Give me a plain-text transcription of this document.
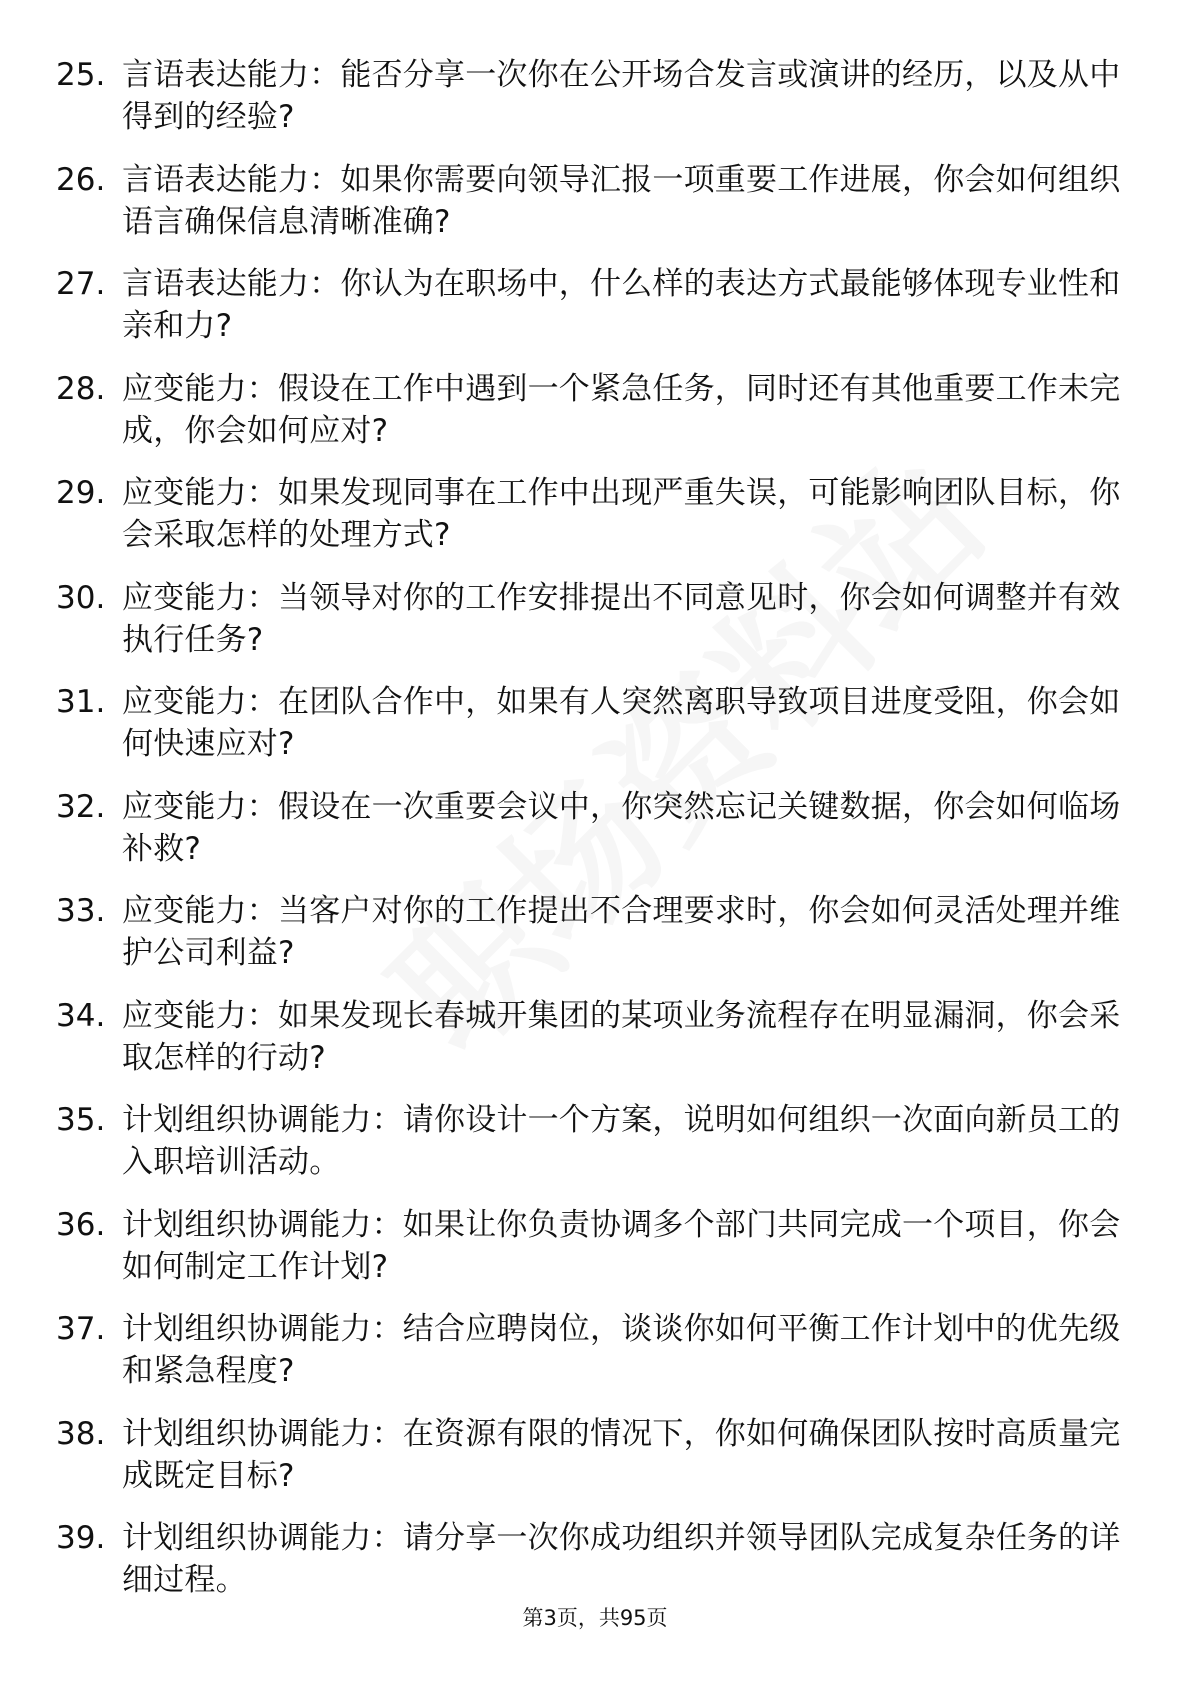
25. 言语表达能力：能否分享一次你在公开场合发言或演讲的经历，以及从中得到的经验?
26. 言语表达能力：如果你需要向领导汇报一项重要工作进展，你会如何组织语言确保信息清晰准确?
27. 言语表达能力：你认为在职场中，什么样的表达方式最能够体现专业性和亲和力?
28. 应变能力：假设在工作中遇到一个紧急任务，同时还有其他重要工作未完成，你会如何应对?
29. 应变能力：如果发现同事在工作中出现严重失误，可能影响团队目标，你会采取怎样的处理方式?
30. 应变能力：当领导对你的工作安排提出不同意见时，你会如何调整并有效执行任务?
31. 应变能力：在团队合作中，如果有人突然离职导致项目进度受阻，你会如何快速应对?
32. 应变能力：假设在一次重要会议中，你突然忘记关键数据，你会如何临场补救?
33. 应变能力：当客户对你的工作提出不合理要求时，你会如何灵活处理并维护公司利益?
34. 应变能力：如果发现长春城开集团的某项业务流程存在明显漏洞，你会采取怎样的行动?
35. 计划组织协调能力：请你设计一个方案，说明如何组织一次面向新员工的入职培训活动。
36. 计划组织协调能力：如果让你负责协调多个部门共同完成一个项目，你会如何制定工作计划?
37. 计划组织协调能力：结合应聘岗位，谈谈你如何平衡工作计划中的优先级和紧急程度?
38. 计划组织协调能力：在资源有限的情况下，你如何确保团队按时高质量完成既定目标?
39. 计划组织协调能力：请分享一次你成功组织并领导团队完成复杂任务的详细过程。
第3页，共95页
